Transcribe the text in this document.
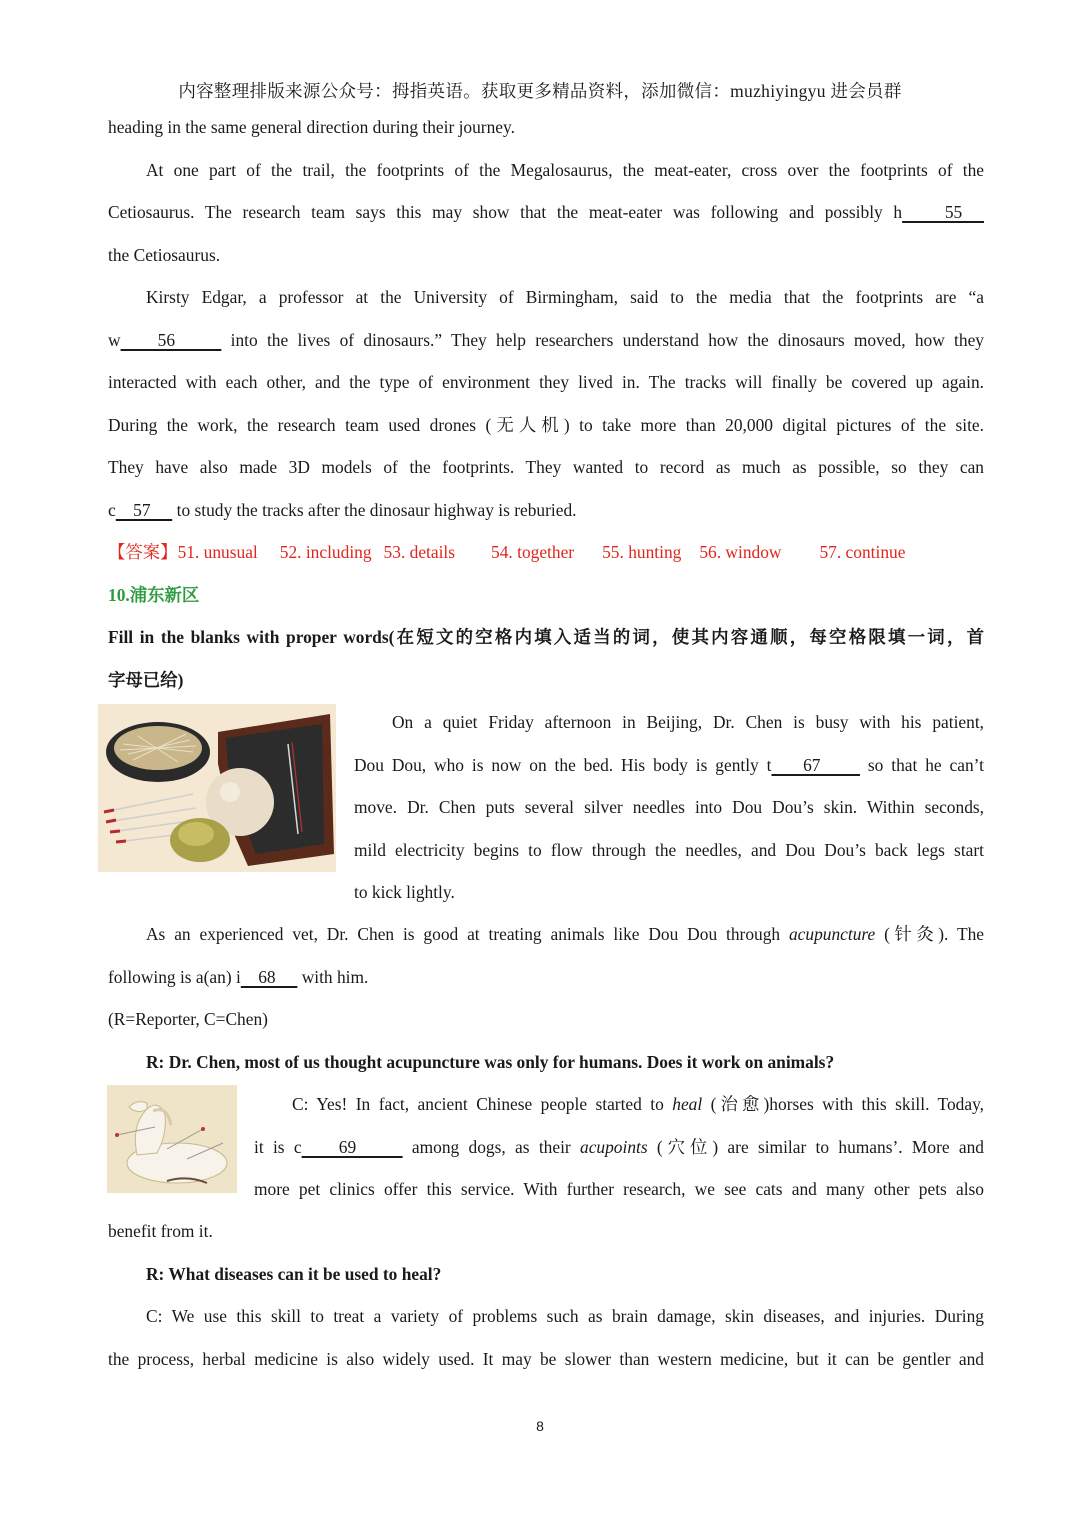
内容整理排版来源公众号：拇指英语。获取更多精品资料，添加微信：muzhiyingyu 进会员群
heading in the same general direction during their journey.
At one part of the trail, the footprints of the Megalosaurus, the meat-eater, cross over the footprints of the
Cetiosaurus. The research team says this may show that the meat-eater was following and possibly h    55
the Cetiosaurus.
Kirsty Edgar, a professor at the University of Birmingham, said to the media that the footprints are “a
w    56      into the lives of dinosaurs.” They help researchers understand how the dinosaurs moved, how they
interacted with each other, and the type of environment they lived in. The tracks will finally be covered up again.
During the work, the research team used drones (无人机) to take more than 20,000 digital pictures of the site.
They have also made 3D models of the footprints. They wanted to record as much as possible, so they can
c    57      to study the tracks after the dinosaur highway is reburied.
【答案】51. unusual 52. including 53. details 54. together 55. hunting 56. window 57. continue
10.浦东新区
Fill in the blanks with proper words(在短文的空格内填入适当的词，使其内容通顺，每空格限填一词，首
字母已给)
On a quiet Friday afternoon in Beijing, Dr. Chen is busy with his patient,
Dou Dou, who is now on the bed. His body is gently t    67      so that he can’t
move. Dr. Chen puts several silver needles into Dou Dou’s skin. Within seconds,
mild electricity begins to flow through the needles, and Dou Dou’s back legs start
to kick lightly.
As an experienced vet, Dr. Chen is good at treating animals like Dou Dou through acupuncture (针灸). The
following is a(an) i    68      with him.
(R=Reporter, C=Chen)
R: Dr. Chen, most of us thought acupuncture was only for humans. Does it work on animals?
C: Yes! In fact, ancient Chinese people started to heal (治愈)horses with this skill. Today,
it is c    69      among dogs, as their acupoints (穴位) are similar to humans’. More and
more pet clinics offer this service. With further research, we see cats and many other pets also
benefit from it.
R: What diseases can it be used to heal?
C: We use this skill to treat a variety of problems such as brain damage, skin diseases, and injuries. During
the process, herbal medicine is also widely used. It may be slower than western medicine, but it can be gentler and
8
